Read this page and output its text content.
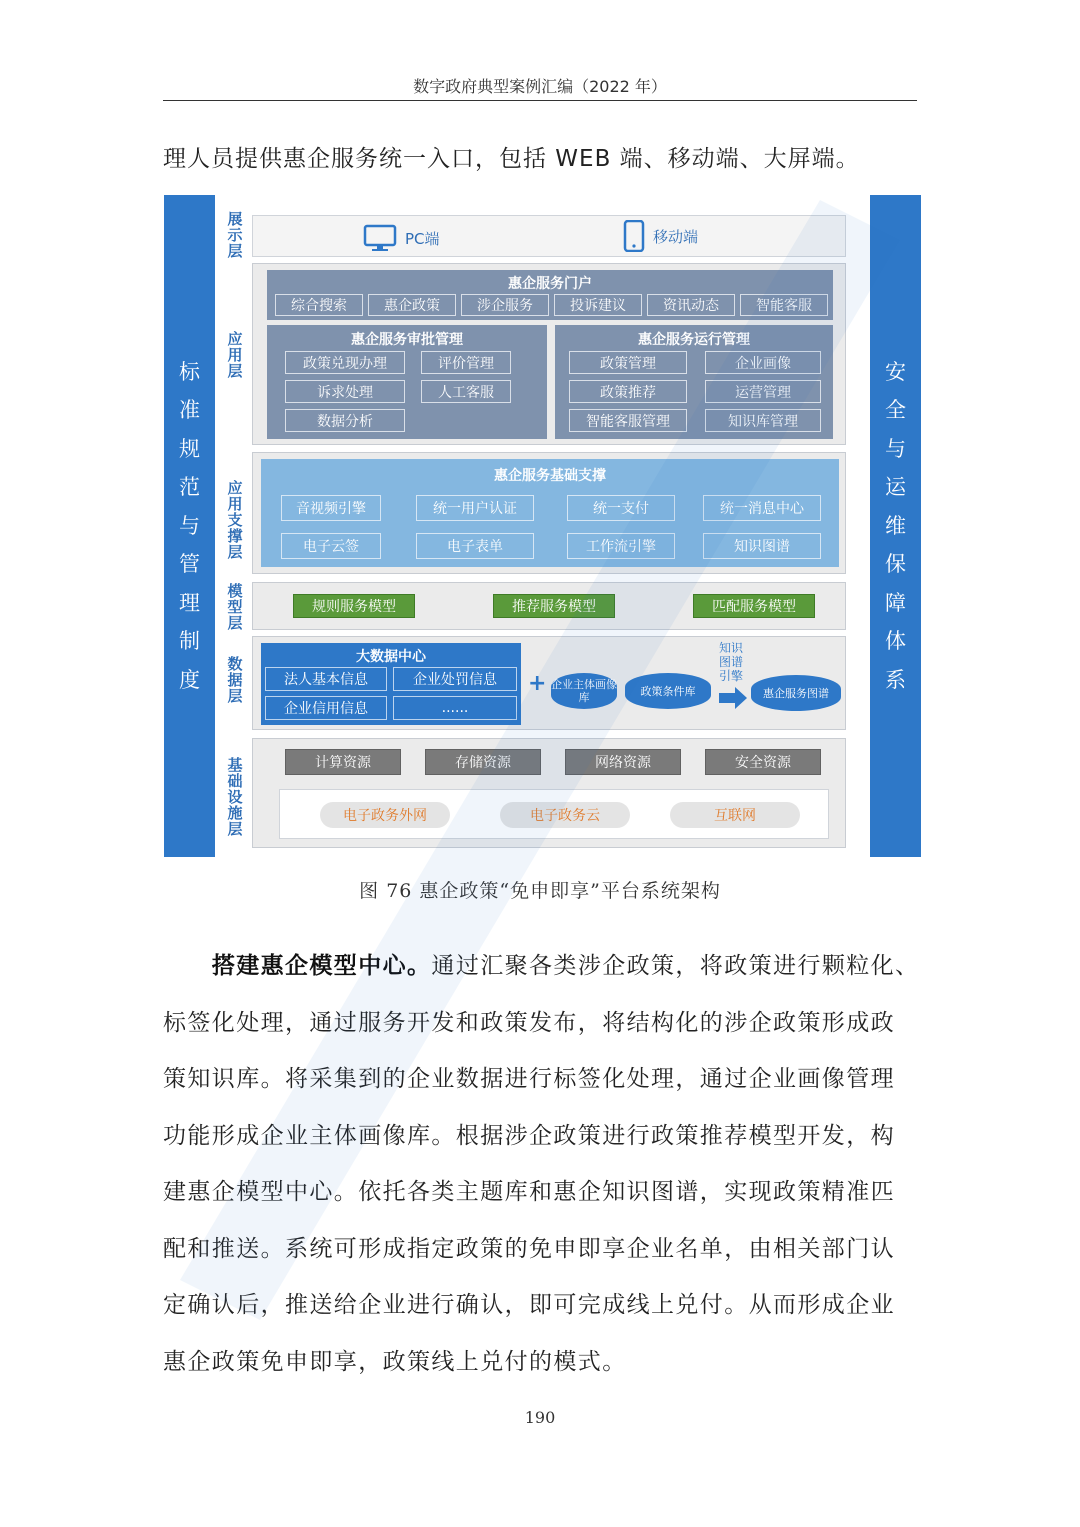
数字政府典型案例汇编（2022 年）
理人员提供惠企服务统一入口，包括 WEB 端、移动端、大屏端。
标
准
规
范
与
管
理
制
度
安
全
与
运
维
保
障
体
系
展
示
层
PC端	移动端
应
用
层
惠企服务门户
综合搜索	惠企政策	涉企服务	投诉建议	资讯动态	智能客服
惠企服务审批管理
政策兑现办理	评价管理
诉求处理	人工客服
数据分析
惠企服务运行管理
政策管理	企业画像
政策推荐	运营管理
智能客服管理	知识库管理
应
用
支
撑
层
惠企服务基础支撑
音视频引擎	统一用户认证	统一支付	统一消息中心
电子云签	电子表单	工作流引擎	知识图谱
模
型
层
规则服务模型	推荐服务模型	匹配服务模型
数
据
层
大数据中心
法人基本信息	企业处罚信息
企业信用信息	......
+ 企业主体画像库	政策条件库
知识
图谱
引擎
惠企服务图谱
基
础
设
施
层
计算资源	存储资源	网络资源	安全资源
电子政务外网	电子政务云	互联网
图 76 惠企政策“免申即享”平台系统架构
　　搭建惠企模型中心。通过汇聚各类涉企政策，将政策进行颗粒化、
标签化处理，通过服务开发和政策发布，将结构化的涉企政策形成政
策知识库。将采集到的企业数据进行标签化处理，通过企业画像管理
功能形成企业主体画像库。根据涉企政策进行政策推荐模型开发，构
建惠企模型中心。依托各类主题库和惠企知识图谱，实现政策精准匹
配和推送。系统可形成指定政策的免申即享企业名单，由相关部门认
定确认后，推送给企业进行确认，即可完成线上兑付。从而形成企业
惠企政策免申即享，政策线上兑付的模式。
190
